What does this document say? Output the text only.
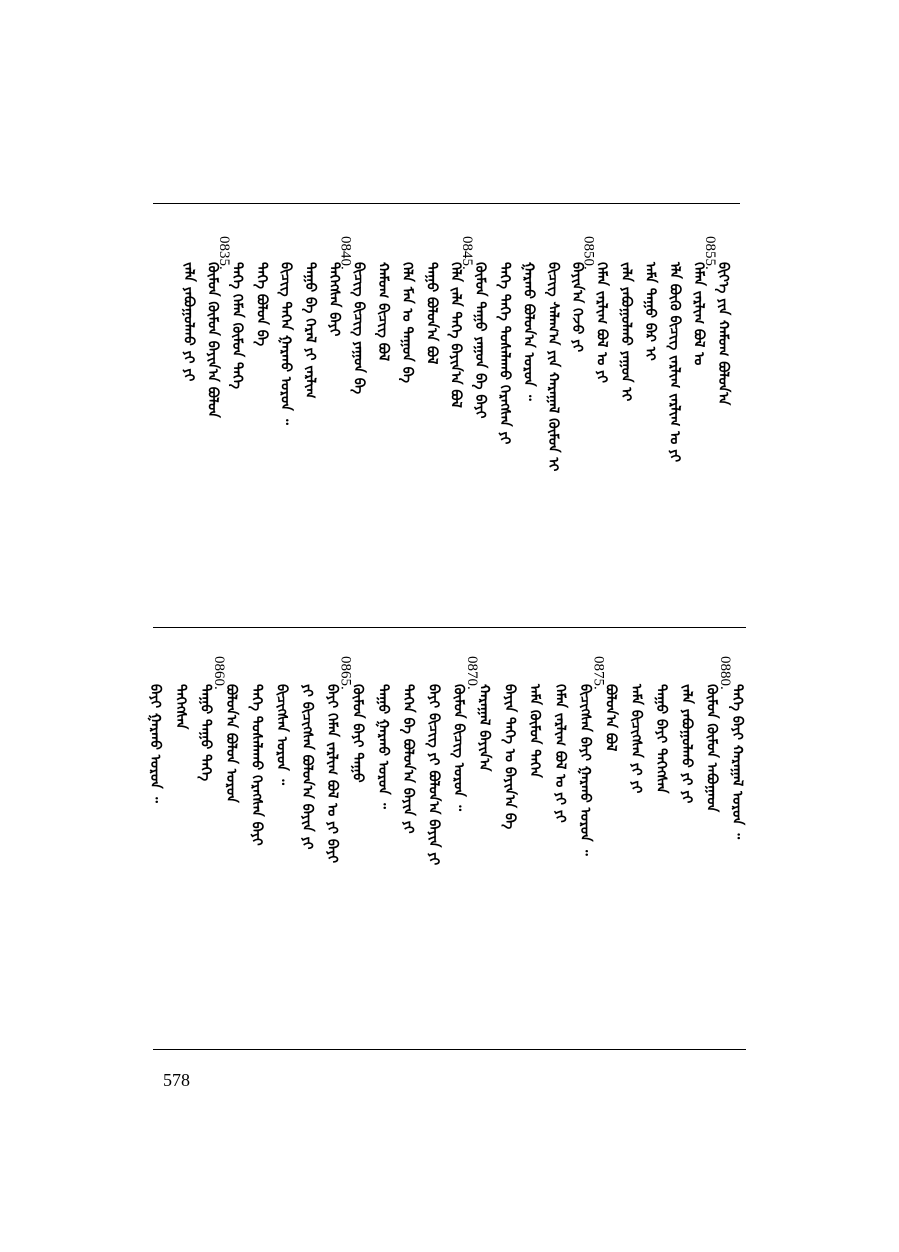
ᠪᠢᠶ᠎ᠡ ᠶᠢᠨ ᠬᠠᠮᠤᠭ ᠪᠣᠯᠤᠨ᠎ᠠ
ᠬᠡᠮᠡᠨ ᠵᠠᠷᠯᠢᠭ ᠪᠣᠯ ᠤ
ᠡᠯᠡ ᠪᠦᠬᠦ ᠪᠢᠴᠢᠭ᠌ ᠵᠠᠷᠯᠢᠭ ᠵᠠᠷᠯᠢᠭ ᠤ ᠶᠢ
ᠠᠮᠠ ᠳᠠᠭᠤ ᠪᠠᠷ ᠢ
ᠵᠠᠯᠠ ᠶᠠᠪᠤᠭᠤᠯᠬᠤ ᠶᠠᠭᠤᠨ ᠢ
ᠬᠡᠮᠡᠨ ᠵᠠᠷᠯᠢᠭ ᠪᠣᠯ ᠤ ᠶᠢ
ᠪᠠᠶᠢᠨ᠎ᠠ ᠭᠡᠵᠦ ᠶᠢ
ᠪᠢᠴᠢᠭ ᠰᠠᠯᠠᠭ᠎ᠠ ᠶᠢᠨ ᠬᠠᠷᠠᠭᠠᠯ ᠬᠦᠮᠦᠨ ᠢ
ᠭᠠᠷᠬᠤ ᠪᠣᠯᠤᠨ᠎ᠠ ᠣᠷᠣᠨ ᠃
ᠲᠡᠭᠡ ᠲᠡᠭᠡ ᠲᠤᠰᠠᠯᠠᠬᠤ ᠬᠡᠷᠡᠭᠰᠡᠨ ᠶᠢ
ᠬᠦᠮᠦᠨ ᠳᠠᠭᠤ ᠶᠠᠭᠤᠨ ᠪᠠ ᠪᠠᠶᠢ
ᠬᠡᠯᠡ ᠵᠠᠯᠠ ᠲᠡᠭᠡ ᠪᠠᠶᠢᠨ᠎ᠠ ᠪᠣᠯ
ᠳᠠᠭᠤ ᠪᠣᠯᠤᠨ᠎ᠠ ᠪᠣᠯ
ᠬᠡᠯᠡ ᠮᠠᠨ ᠤ ᠳᠠᠭᠤᠨ ᠪᠠ
ᠬᠠᠮᠤᠭ ᠪᠢᠴᠢᠭ᠌ ᠪᠣᠯ
ᠪᠢᠴᠢᠭ ᠪᠢᠴᠢᠭ ᠶᠠᠭᠤᠨ ᠪᠠ
ᠲᠡᠭᠡᠭᠰᠡᠨ ᠪᠠᠶᠢ
ᠳᠠᠭᠤ ᠪᠠ ᠭᠡᠷᠡᠯ ᠶᠢ ᠵᠠᠷᠯᠢᠭ
ᠪᠢᠴᠢᠭ ᠲᠡᠭᠡᠨ ᠭᠠᠷᠬᠤ ᠣᠷᠣᠨ ᠃
ᠲᠡᠭᠡ ᠪᠣᠯᠤᠨ ᠪᠠ
ᠲᠡᠭᠡ ᠬᠡᠮᠡᠨ ᠬᠦᠮᠦᠨ ᠲᠡᠭᠡ
ᠬᠦᠮᠦᠨ ᠬᠦᠮᠦᠨ ᠪᠠᠶᠢᠨ᠎ᠠ ᠪᠣᠯᠤᠨ
ᠵᠠᠯᠠ ᠶᠠᠪᠤᠭᠤᠯᠬᠤ ᠶᠢ ᠶᠢ
0855.
0850.
0845.
0840.
0835.
ᠲᠡᠭᠡ ᠪᠠᠶᠢ ᠬᠠᠷᠠᠭᠠᠯ ᠣᠷᠣᠨ ᠃
ᠬᠦᠮᠦᠨ ᠬᠦᠮᠦᠨ ᠠᠪᠤᠭᠠᠳ
ᠵᠠᠯᠠ ᠶᠠᠪᠤᠭᠤᠯᠬᠤ ᠶᠢ ᠶᠢ
ᠳᠠᠭᠤ ᠪᠠᠶᠢ ᠲᠡᠭᠡᠭᠰᠡᠨ
ᠠᠮᠠ ᠪᠢᠴᠢᠭᠰᠡᠨ ᠶᠢ ᠶᠢ
ᠪᠣᠯᠤᠨ᠎ᠠ ᠪᠣᠯ
ᠪᠢᠴᠢᠭᠰᠡᠨ ᠪᠠᠶᠢ ᠭᠠᠷᠬᠤ ᠣᠷᠣᠨ ᠃
ᠬᠡᠮᠡᠨ ᠵᠠᠷᠯᠢᠭ ᠪᠣᠯ ᠤ ᠶᠢ ᠶᠢ
ᠠᠮᠠ ᠬᠦᠮᠦᠨ ᠲᠡᠭᠡᠨ
ᠪᠠᠶᠢᠨ ᠲᠡᠭᠡ ᠤ ᠪᠠᠶᠢᠨ᠎ᠠ ᠪᠠ
ᠬᠠᠷᠠᠭᠠᠯ ᠪᠠᠶᠢᠨ᠎ᠠ
ᠬᠦᠮᠦᠨ ᠪᠢᠴᠢᠭ ᠣᠷᠣᠨ ᠃
ᠪᠠᠶᠢ ᠪᠢᠴᠢᠭ ᠶᠢ ᠪᠣᠯᠤᠨ᠎ᠠ ᠪᠠᠶᠢᠨ ᠶᠢ
ᠲᠡᠭᠡᠨ ᠪᠠ ᠪᠣᠯᠤᠨ᠎ᠠ ᠪᠠᠶᠢᠨ ᠶᠢ
ᠳᠠᠭᠤ ᠭᠠᠷᠬᠤ ᠣᠷᠣᠨ ᠃
ᠬᠦᠮᠦᠨ ᠪᠠᠶᠢ ᠳᠠᠭᠤ
ᠪᠠᠶᠢ ᠬᠡᠮᠡᠨ ᠵᠠᠷᠯᠢᠭ ᠪᠣᠯ ᠤ ᠶᠢ ᠪᠠᠶᠢ
ᠶᠢ ᠪᠢᠴᠢᠭᠰᠡᠨ ᠪᠣᠯᠤᠨ᠎ᠠ ᠪᠠᠶᠢᠨ ᠶᠢ
ᠪᠢᠴᠢᠭᠰᠡᠨ ᠣᠷᠣᠨ ᠃
ᠲᠡᠭᠡ ᠲᠤᠰᠠᠯᠠᠬᠤ ᠬᠡᠷᠡᠭᠰᠡᠨ ᠪᠠᠶᠢ
ᠪᠣᠯᠤᠨ᠎ᠠ ᠪᠣᠯᠤᠨ ᠣᠷᠣᠨ
ᠳᠠᠭᠤ ᠳᠠᠭᠤ ᠲᠡᠭᠡ
ᠲᠡᠭᠡᠭᠰᠡᠨ
ᠪᠠᠶᠢ ᠭᠠᠷᠬᠤ ᠣᠷᠣᠨ ᠃
0880.
0875.
0870.
0865.
0860.
578
